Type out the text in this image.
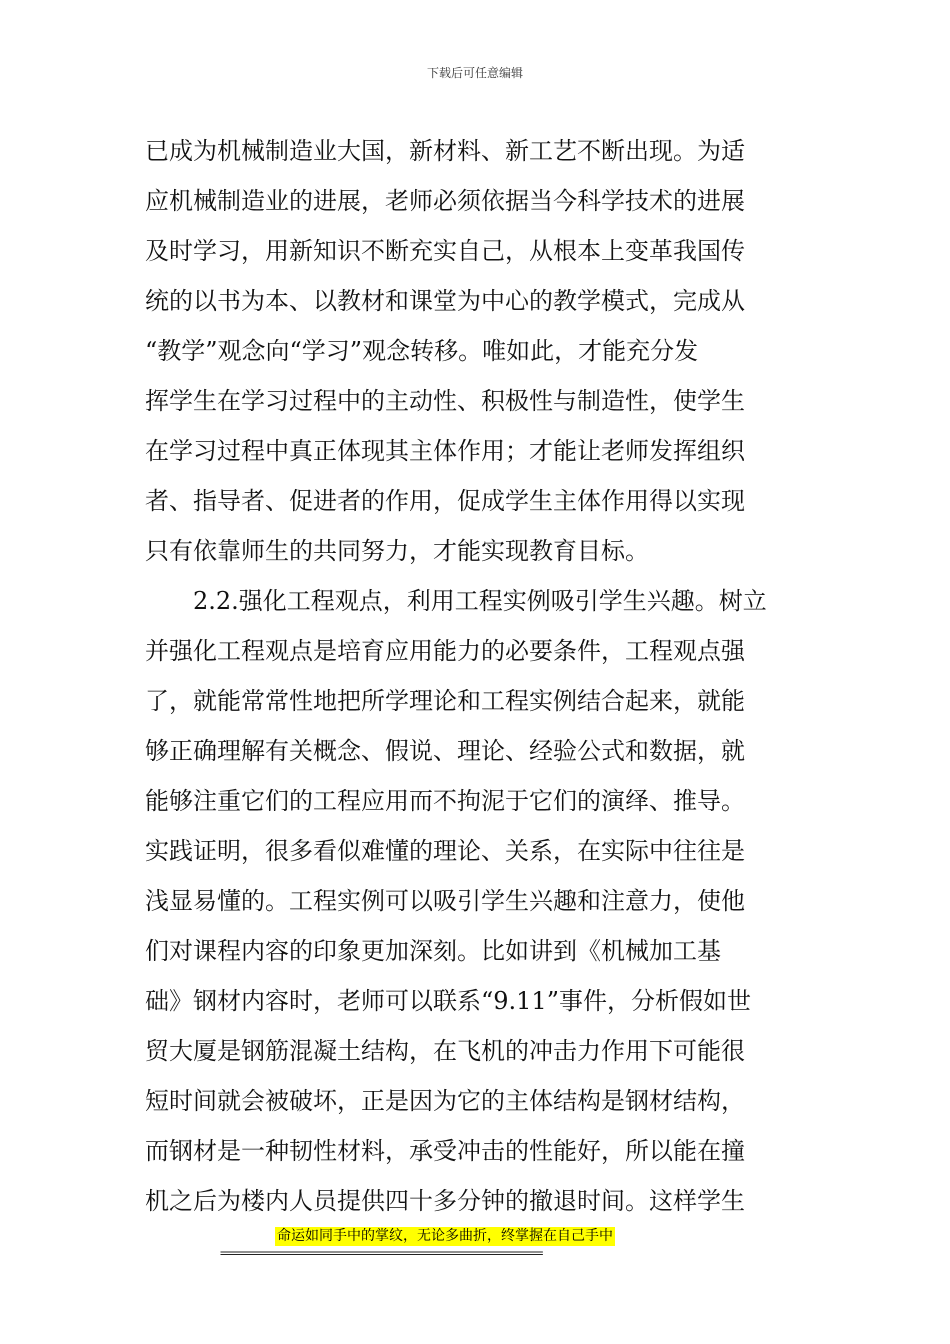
下载后可任意编辑
已成为机械制造业大国，新材料、新工艺不断出现。为适
应机械制造业的进展，老师必须依据当今科学技术的进展
及时学习，用新知识不断充实自己，从根本上变革我国传
统的以书为本、以教材和课堂为中心的教学模式，完成从
“教学”观念向“学习”观念转移。唯如此，才能充分发
挥学生在学习过程中的主动性、积极性与制造性，使学生
在学习过程中真正体现其主体作用；才能让老师发挥组织
者、指导者、促进者的作用，促成学生主体作用得以实现
只有依靠师生的共同努力，才能实现教育目标。
2.2.强化工程观点，利用工程实例吸引学生兴趣。树立
并强化工程观点是培育应用能力的必要条件，工程观点强
了，就能常常性地把所学理论和工程实例结合起来，就能
够正确理解有关概念、假说、理论、经验公式和数据，就
能够注重它们的工程应用而不拘泥于它们的演绎、推导。
实践证明，很多看似难懂的理论、关系，在实际中往往是
浅显易懂的。工程实例可以吸引学生兴趣和注意力，使他
们对课程内容的印象更加深刻。比如讲到《机械加工基
础》钢材内容时，老师可以联系“9.11”事件，分析假如世
贸大厦是钢筋混凝土结构，在飞机的冲击力作用下可能很
短时间就会被破坏，正是因为它的主体结构是钢材结构，
而钢材是一种韧性材料，承受冲击的性能好，所以能在撞
机之后为楼内人员提供四十多分钟的撤退时间。这样学生
命运如同手中的掌纹，无论多曲折，终掌握在自己手中
===========================================================
